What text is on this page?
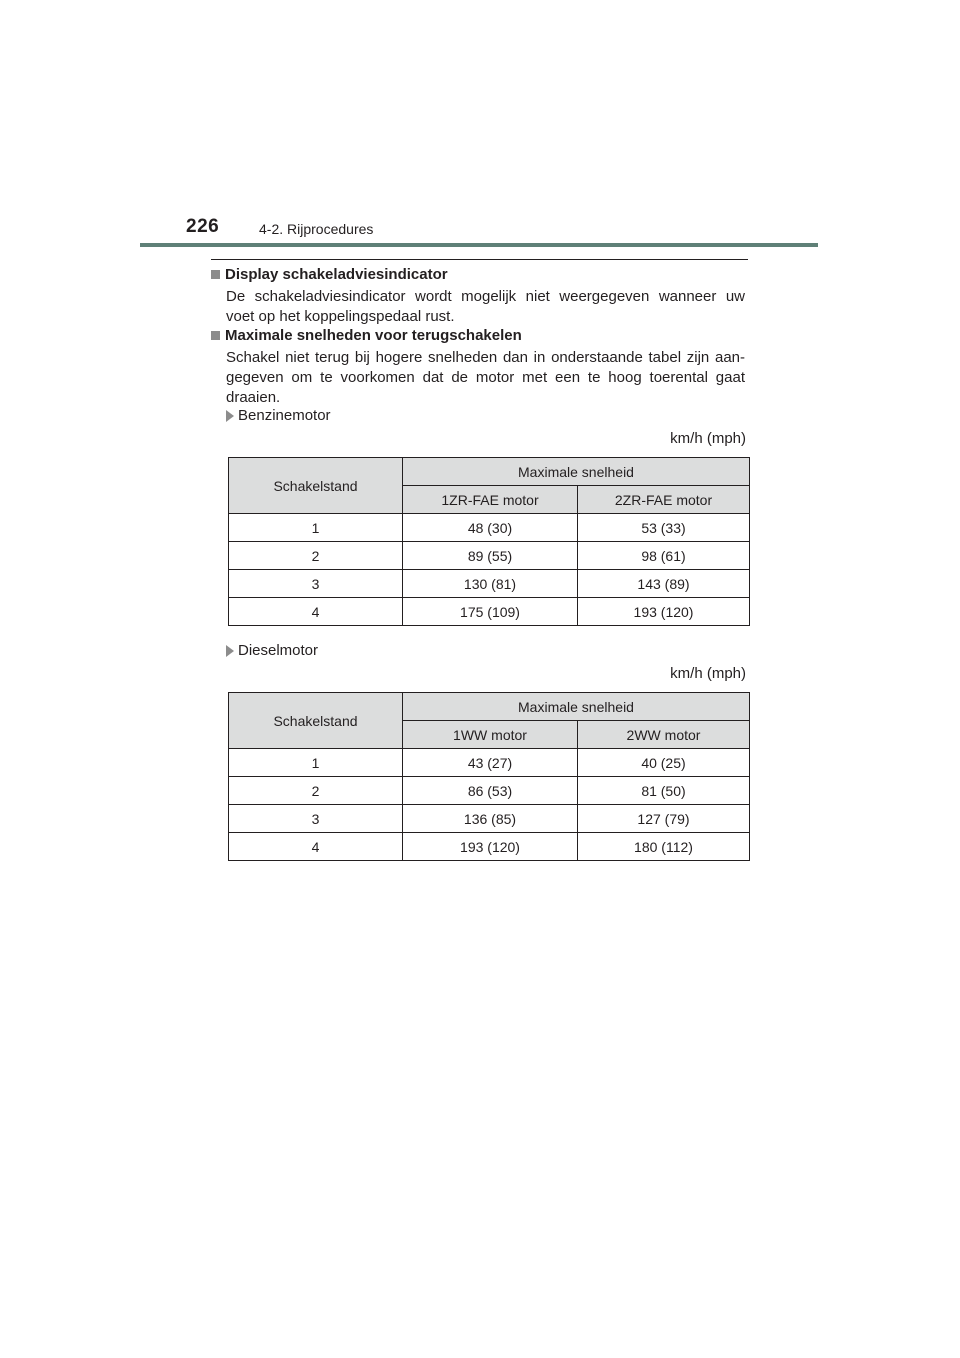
226	4-2. Rijprocedures
Display schakeladviesindicator
De schakeladviesindicator wordt mogelijk niet weergegeven wanneer uw
voet op het koppelingspedaal rust.
Maximale snelheden voor terugschakelen
Schakel niet terug bij hogere snelheden dan in onderstaande tabel zijn aan-
gegeven om te voorkomen dat de motor met een te hoog toerental gaat
draaien.
Benzinemotor
km/h (mph)
Schakelstand	Maximale snelheid	
	1ZR-FAE motor	2ZR-FAE motor
1	48 (30)	53 (33)
2	89 (55)	98 (61)
3	130 (81)	143 (89)
4	175 (109)	193 (120)
Dieselmotor
km/h (mph)
Schakelstand	Maximale snelheid	
	1WW motor	2WW motor
1	43 (27)	40 (25)
2	86 (53)	81 (50)
3	136 (85)	127 (79)
4	193 (120)	180 (112)
